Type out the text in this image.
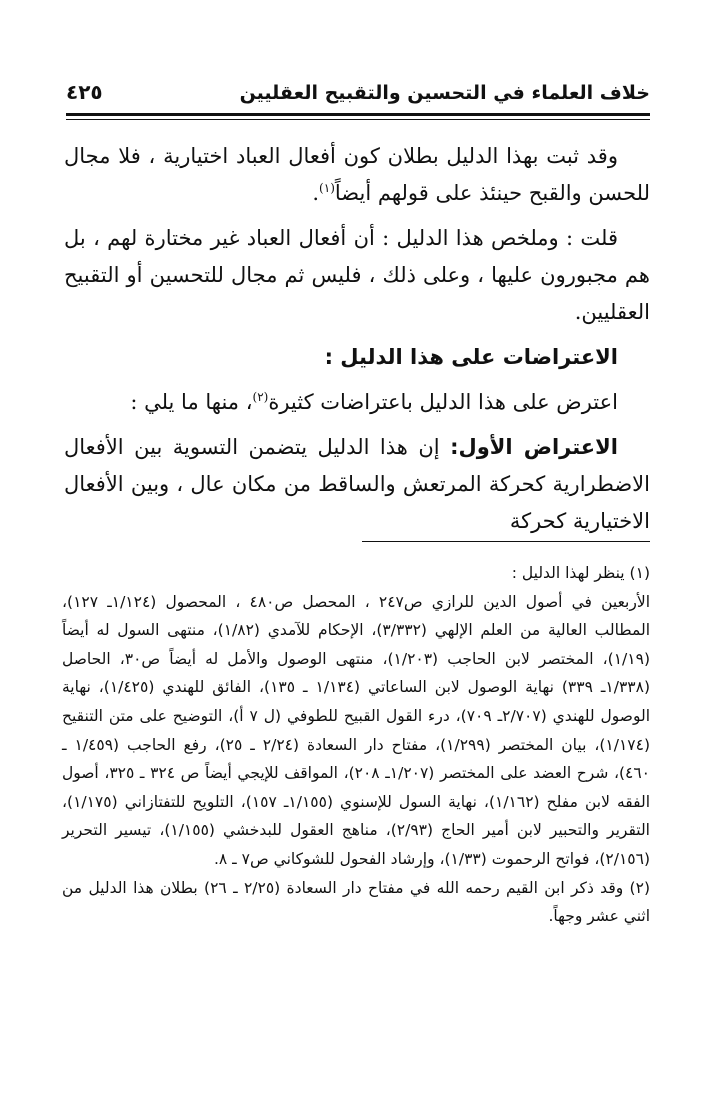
خلاف العلماء في التحسين والتقبيح العقليين
٤٢٥

وقد ثبت بهذا الدليل بطلان كون أفعال العباد اختيارية ، فلا مجال للحسن والقبح حينئذ على قولهم أيضاً$^{(١)}$.

قلت : وملخص هذا الدليل : أن أفعال العباد غير مختارة لهم ، بل هم مجبورون عليها ، وعلى ذلك ، فليس ثم مجال للتحسين أو التقبيح العقليين.

الاعتراضات على هذا الدليل :

اعترض على هذا الدليل باعتراضات كثيرة$^{(٢)}$، منها ما يلي :

الاعتراض الأول: إن هذا الدليل يتضمن التسوية بين الأفعال الاضطرارية كحركة المرتعش والساقط من مكان عال ، وبين الأفعال الاختيارية كحركة

(١) ينظر لهذا الدليل :

الأربعين في أصول الدين للرازي ص٢٤٧ ، المحصل ص٤٨٠ ، المحصول (١/١٢٤ـ ١٢٧)، المطالب العالية من العلم الإلهي (٣/٣٣٢)، الإحكام للآمدي (١/٨٢)، منتهى السول له أيضاً (١/١٩)، المختصر لابن الحاجب (١/٢٠٣)، منتهى الوصول والأمل له أيضاً ص٣٠، الحاصل (١/٣٣٨ـ ٣٣٩) نهاية الوصول لابن الساعاتي (١/١٣٤ ـ ١٣٥)، الفائق للهندي (١/٤٢٥)، نهاية الوصول للهندي (٢/٧٠٧ـ ٧٠٩)، درء القول القبيح للطوفي (ل ٧ أ)، التوضيح على متن التنقيح (١/١٧٤)، بيان المختصر (١/٢٩٩)، مفتاح دار السعادة (٢/٢٤ ـ ٢٥)، رفع الحاجب (١/٤٥٩ ـ ٤٦٠)، شرح العضد على المختصر (١/٢٠٧ـ ٢٠٨)، المواقف للإيجي أيضاً ص ٣٢٤ ـ ٣٢٥، أصول الفقه لابن مفلح (١/١٦٢)، نهاية السول للإسنوي (١/١٥٥ـ ١٥٧)، التلويح للتفتازاني (١/١٧٥)، التقرير والتحبير لابن أمير الحاج (٢/٩٣)، مناهج العقول للبدخشي (١/١٥٥)، تيسير التحرير (٢/١٥٦)، فواتح الرحموت (١/٣٣)، وإرشاد الفحول للشوكاني ص٧ ـ ٨.

(٢) وقد ذكر ابن القيم رحمه الله في مفتاح دار السعادة (٢/٢٥ ـ ٢٦) بطلان هذا الدليل من اثني عشر وجهاً.
